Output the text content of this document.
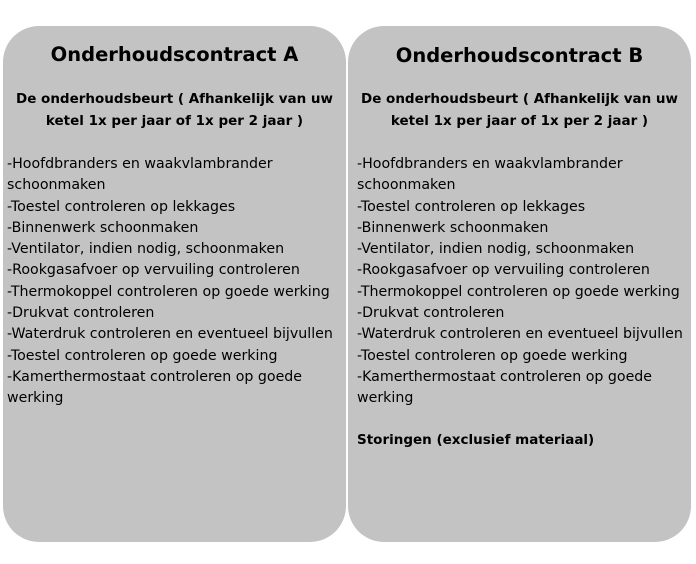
Onderhoudscontract A

De onderhoudsbeurt ( Afhankelijk van uw ketel 1x per jaar of 1x per 2 jaar )

-Hoofdbranders en waakvlambrander schoonmaken
-Toestel controleren op lekkages
-Binnenwerk schoonmaken
-Ventilator, indien nodig, schoonmaken
-Rookgasafvoer op vervuiling controleren
-Thermokoppel controleren op goede werking
-Drukvat controleren
-Waterdruk controleren en eventueel bijvullen
-Toestel controleren op goede werking
-Kamerthermostaat controleren op goede werking
Onderhoudscontract B

De onderhoudsbeurt ( Afhankelijk van uw ketel 1x per jaar of 1x per 2 jaar )

-Hoofdbranders en waakvlambrander schoonmaken
-Toestel controleren op lekkages
-Binnenwerk schoonmaken
-Ventilator, indien nodig, schoonmaken
-Rookgasafvoer op vervuiling controleren
-Thermokoppel controleren op goede werking
-Drukvat controleren
-Waterdruk controleren en eventueel bijvullen
-Toestel controleren op goede werking
-Kamerthermostaat controleren op goede werking

Storingen (exclusief materiaal)
